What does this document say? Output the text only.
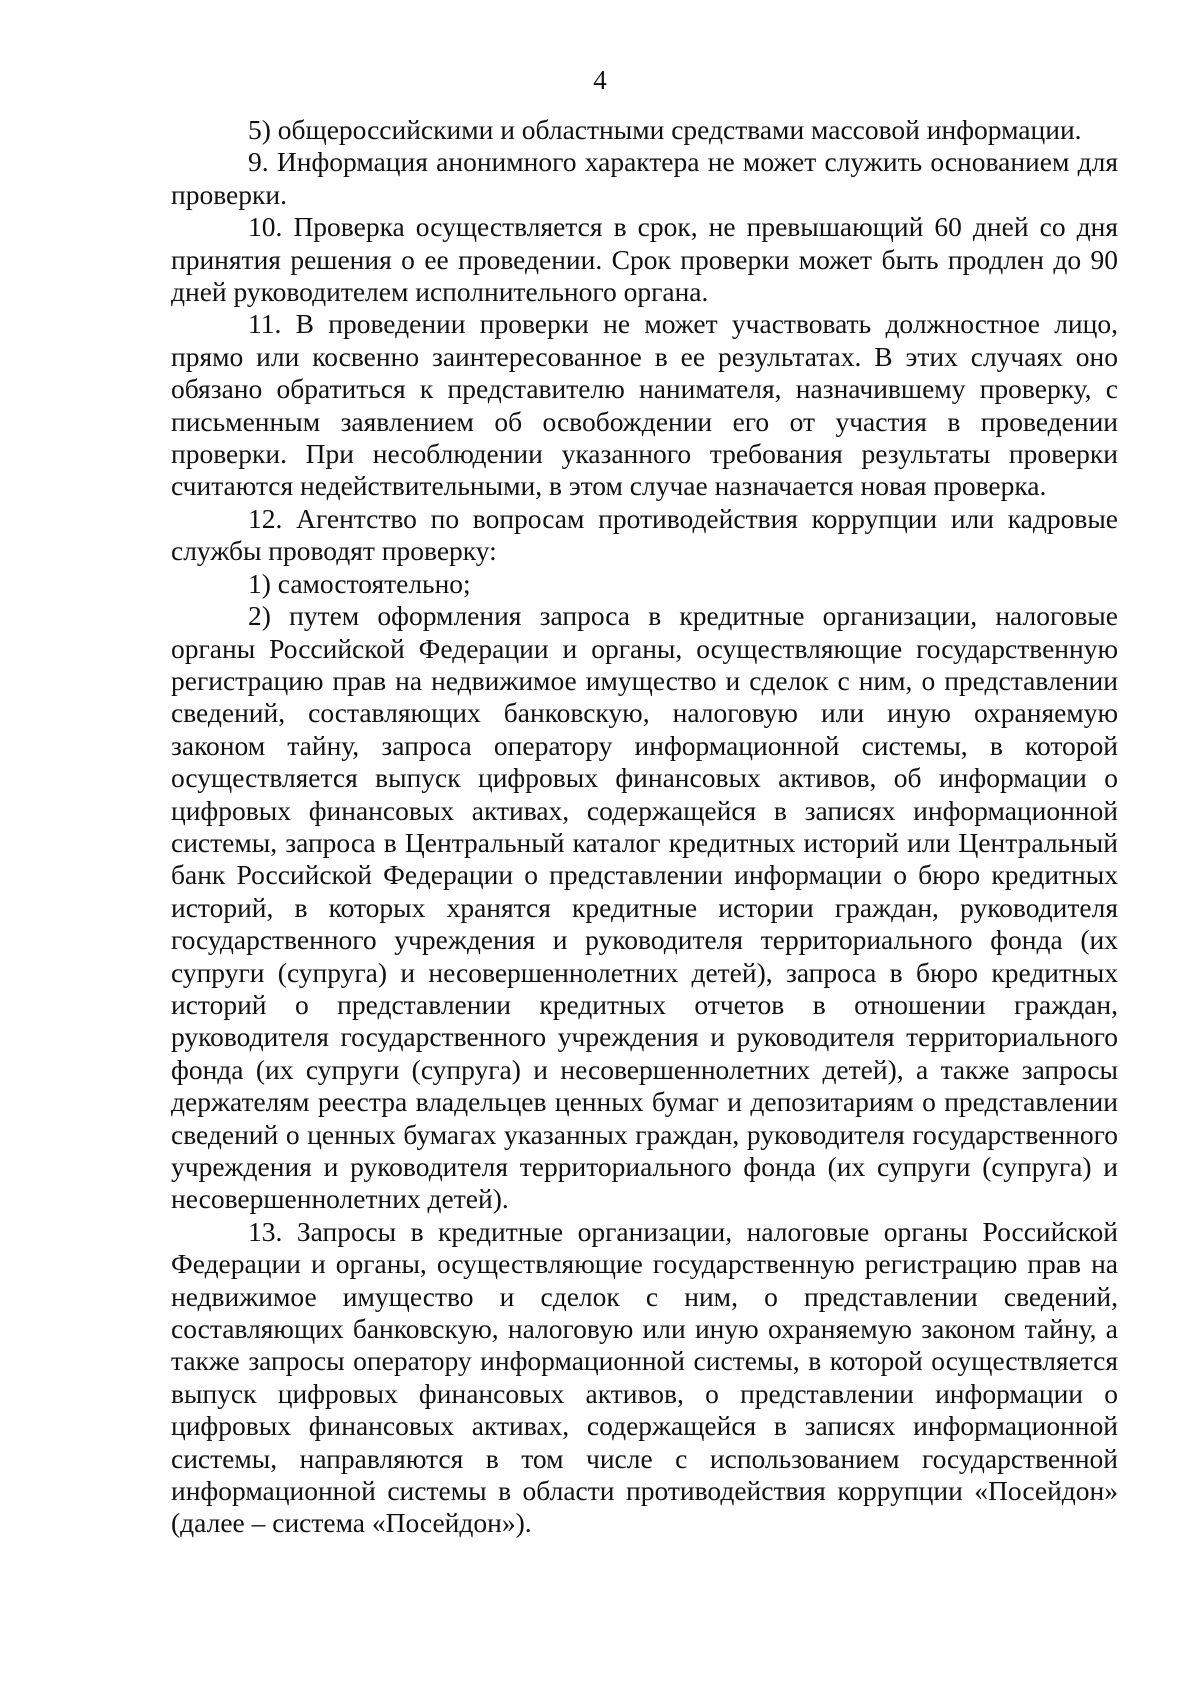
4

5) общероссийскими и областными средствами массовой информации.

9. Информация анонимного характера не может служить основанием для проверки.

10. Проверка осуществляется в срок, не превышающий 60 дней со дня принятия решения о ее проведении. Срок проверки может быть продлен до 90 дней руководителем исполнительного органа.

11. В проведении проверки не может участвовать должностное лицо, прямо или косвенно заинтересованное в ее результатах. В этих случаях оно обязано обратиться к представителю нанимателя, назначившему проверку, с письменным заявлением об освобождении его от участия в проведении проверки. При несоблюдении указанного требования результаты проверки считаются недействительными, в этом случае назначается новая проверка.

12. Агентство по вопросам противодействия коррупции или кадровые службы проводят проверку:

1) самостоятельно;

2) путем оформления запроса в кредитные организации, налоговые органы Российской Федерации и органы, осуществляющие государственную регистрацию прав на недвижимое имущество и сделок с ним, о представлении сведений, составляющих банковскую, налоговую или иную охраняемую законом тайну, запроса оператору информационной системы, в которой осуществляется выпуск цифровых финансовых активов, об информации о цифровых финансовых активах, содержащейся в записях информационной системы, запроса в Центральный каталог кредитных историй или Центральный банк Российской Федерации о представлении информации о бюро кредитных историй, в которых хранятся кредитные истории граждан, руководителя государственного учреждения и руководителя территориального фонда (их супруги (супруга) и несовершеннолетних детей), запроса в бюро кредитных историй о представлении кредитных отчетов в отношении граждан, руководителя государственного учреждения и руководителя территориального фонда (их супруги (супруга) и несовершеннолетних детей), а также запросы держателям реестра владельцев ценных бумаг и депозитариям о представлении сведений о ценных бумагах указанных граждан, руководителя государственного учреждения и руководителя территориального фонда (их супруги (супруга) и несовершеннолетних детей).

13. Запросы в кредитные организации, налоговые органы Российской Федерации и органы, осуществляющие государственную регистрацию прав на недвижимое имущество и сделок с ним, о представлении сведений, составляющих банковскую, налоговую или иную охраняемую законом тайну, а также запросы оператору информационной системы, в которой осуществляется выпуск цифровых финансовых активов, о представлении информации о цифровых финансовых активах, содержащейся в записях информационной системы, направляются в том числе с использованием государственной информационной системы в области противодействия коррупции «Посейдон» (далее – система «Посейдон»).
